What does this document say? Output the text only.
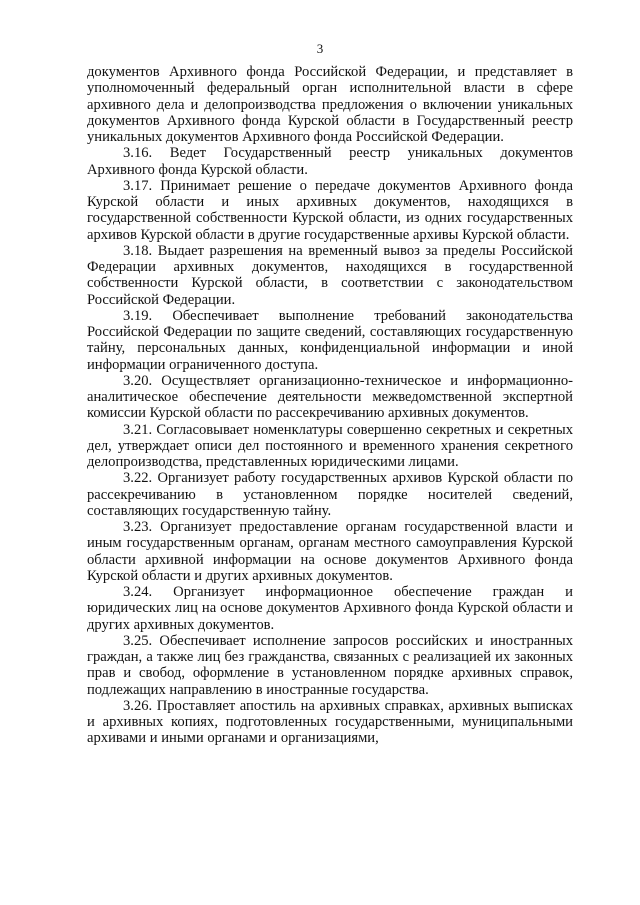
3

документов Архивного фонда Российской Федерации, и представляет в уполномоченный федеральный орган исполнительной власти в сфере архивного дела и делопроизводства предложения о включении уникальных документов Архивного фонда Курской области в Государственный реестр уникальных документов Архивного фонда Российской Федерации.

3.16. Ведет Государственный реестр уникальных документов Архивного фонда Курской области.

3.17. Принимает решение о передаче документов Архивного фонда Курской области и иных архивных документов, находящихся в государственной собственности Курской области, из одних государственных архивов Курской области в другие государственные архивы Курской области.

3.18. Выдает разрешения на временный вывоз за пределы Российской Федерации архивных документов, находящихся в государственной собственности Курской области, в соответствии с законодательством Российской Федерации.

3.19. Обеспечивает выполнение требований законодательства Российской Федерации по защите сведений, составляющих государственную тайну, персональных данных, конфиденциальной информации и иной информации ограниченного доступа.

3.20. Осуществляет организационно-техническое и информационно-аналитическое обеспечение деятельности межведомственной экспертной комиссии Курской области по рассекречиванию архивных документов.

3.21. Согласовывает номенклатуры совершенно секретных и секретных дел, утверждает описи дел постоянного и временного хранения секретного делопроизводства, представленных юридическими лицами.

3.22. Организует работу государственных архивов Курской области по рассекречиванию в установленном порядке носителей сведений, составляющих государственную тайну.

3.23. Организует предоставление органам государственной власти и иным государственным органам, органам местного самоуправления Курской области архивной информации на основе документов Архивного фонда Курской области и других архивных документов.

3.24. Организует информационное обеспечение граждан и юридических лиц на основе документов Архивного фонда Курской области и других архивных документов.

3.25. Обеспечивает исполнение запросов российских и иностранных граждан, а также лиц без гражданства, связанных с реализацией их законных прав и свобод, оформление в установленном порядке архивных справок, подлежащих направлению в иностранные государства.

3.26. Проставляет апостиль на архивных справках, архивных выписках и архивных копиях, подготовленных государственными, муниципальными архивами и иными органами и организациями,
